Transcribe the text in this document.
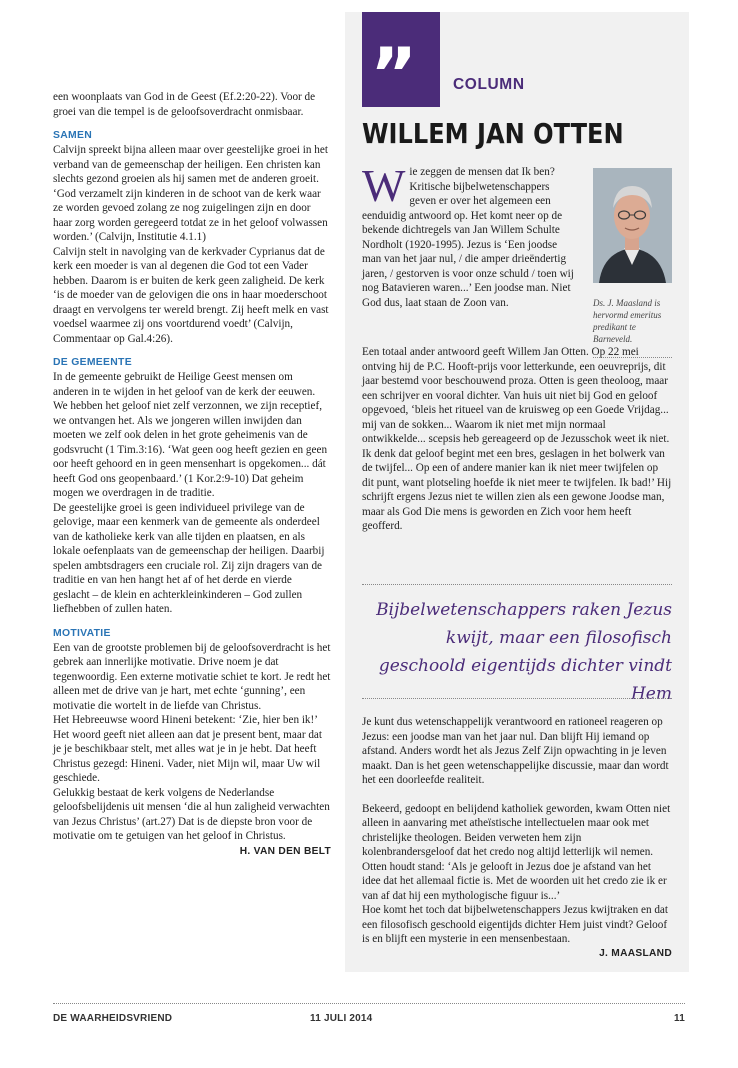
een woonplaats van God in de Geest (Ef.2:20-22). Voor de groei van die tempel is de geloofsoverdracht onmisbaar.

SAMEN

Calvijn spreekt bijna alleen maar over geestelijke groei in het verband van de gemeenschap der heiligen. Een christen kan slechts gezond groeien als hij samen met de anderen groeit. ‘God verzamelt zijn kinderen in de schoot van de kerk waar ze worden gevoed zolang ze nog zuigelingen zijn en door haar zorg worden geregeerd totdat ze in het geloof volwassen worden.’ (Calvijn, Institutie 4.1.1)

Calvijn stelt in navolging van de kerkvader Cyprianus dat de kerk een moeder is van al degenen die God tot een Vader hebben. Daarom is er buiten de kerk geen zaligheid. De kerk ‘is de moeder van de gelovigen die ons in haar moederschoot draagt en vervolgens ter wereld brengt. Zij heeft melk en vast voedsel waarmee zij ons voortdurend voedt’ (Calvijn, Commentaar op Gal.4:26).

DE GEMEENTE

In de gemeente gebruikt de Heilige Geest mensen om anderen in te wijden in het geloof van de kerk der eeuwen. We hebben het geloof niet zelf verzonnen, we zijn receptief, we ontvangen het. Als we jongeren willen inwijden dan moeten we zelf ook delen in het grote geheimenis van de godsvrucht (1 Tim.3:16). ‘Wat geen oog heeft gezien en geen oor heeft gehoord en in geen mensenhart is opgekomen... dát heeft God ons geopenbaard.’ (1 Kor.2:9-10) Dat geheim mogen we overdragen in de traditie.

De geestelijke groei is geen individueel privilege van de gelovige, maar een kenmerk van de gemeente als onderdeel van de katholieke kerk van alle tijden en plaatsen, en als lokale oefenplaats van de gemeenschap der heiligen. Daarbij spelen ambtsdragers een cruciale rol. Zij zijn dragers van de traditie en van hen hangt het af of het derde en vierde geslacht – de klein en achterkleinkinderen – God zullen liefhebben of zullen haten.

MOTIVATIE

Een van de grootste problemen bij de geloofsoverdracht is het gebrek aan innerlijke motivatie. Drive noem je dat tegenwoordig. Een externe motivatie schiet te kort. Je redt het alleen met de drive van je hart, met echte ‘gunning’, een motivatie die wortelt in de liefde van Christus.

Het Hebreeuwse woord Hineni betekent: ‘Zie, hier ben ik!’ Het woord geeft niet alleen aan dat je present bent, maar dat je je beschikbaar stelt, met alles wat je in je hebt. Dat heeft Christus gezegd: Hineni. Vader, niet Mijn wil, maar Uw wil geschiede.

Gelukkig bestaat de kerk volgens de Nederlandse geloofsbelijdenis uit mensen ‘die al hun zaligheid verwachten van Jezus Christus’ (art.27) Dat is de diepste bron voor de motivatie om te getuigen van het geloof in Christus.

H. VAN DEN BELT
” COLUMN
WILLEM JAN OTTEN
W ie zeggen de mensen dat Ik ben? Kritische bijbelwetenschappers geven er over het algemeen een eenduidig antwoord op. Het komt neer op de bekende dichtregels van Jan Willem Schulte Nordholt (1920-1995). Jezus is ‘Een joodse man van het jaar nul, / die amper drieëndertig jaren, / gestorven is voor onze schuld / toen wij nog Batavieren waren...’ Een joodse man. Niet God dus, laat staan de Zoon van.	Ds. J. Maasland is hervormd emeritus predikant te Barneveld.
Een totaal ander antwoord geeft Willem Jan Otten. Op 22 mei ontving hij de P.C. Hooft-prijs voor letterkunde, een oeuvreprijs, dit jaar bestemd voor beschouwend proza. Otten is geen theoloog, maar een schrijver en vooral dichter. Van huis uit niet bij God en geloof opgevoed, ‘bleis het ritueel van de kruisweg op een Goede Vrijdag... mij van de sokken... Waarom ik niet met mijn normaal ontwikkelde... scepsis heb gereageerd op de Jezusschok weet ik niet. Ik denk dat geloof begint met een bres, geslagen in het bolwerk van de twijfel... Op een of andere manier kan ik niet meer twijfelen op dit punt, want plotseling hoefde ik niet meer te twijfelen. Ik bad!’ Hij schrijft ergens Jezus niet te willen zien als een gewone Joodse man, maar als God Die mens is geworden en Zich voor hem heeft geofferd.
Bijbelwetenschappers raken Jezus kwijt, maar een filosofisch geschoold eigentijds dichter vindt Hem

Je kunt dus wetenschappelijk verantwoord en rationeel reageren op Jezus: een joodse man van het jaar nul. Dan blijft Hij iemand op afstand. Anders wordt het als Jezus Zelf Zijn opwachting in je leven maakt. Dan is het geen wetenschappelijke discussie, maar dan wordt het een doorleefde realiteit.

Bekeerd, gedoopt en belijdend katholiek geworden, kwam Otten niet alleen in aanvaring met atheïstische intellectuelen maar ook met christelijke theologen. Beiden verweten hem zijn kolenbrandersgeloof dat het credo nog altijd letterlijk wil nemen. Otten houdt stand: ‘Als je gelooft in Jezus doe je afstand van het idee dat het allemaal fictie is. Met de woorden uit het credo zie ik er van af dat hij een mythologische figuur is...’

Hoe komt het toch dat bijbelwetenschappers Jezus kwijtraken en dat een filosofisch geschoold eigentijds dichter Hem juist vindt? Geloof is en blijft een mysterie in een mensenbestaan.

J. MAASLAND
DE WAARHEIDSVRIEND	11 JULI 2014	11
